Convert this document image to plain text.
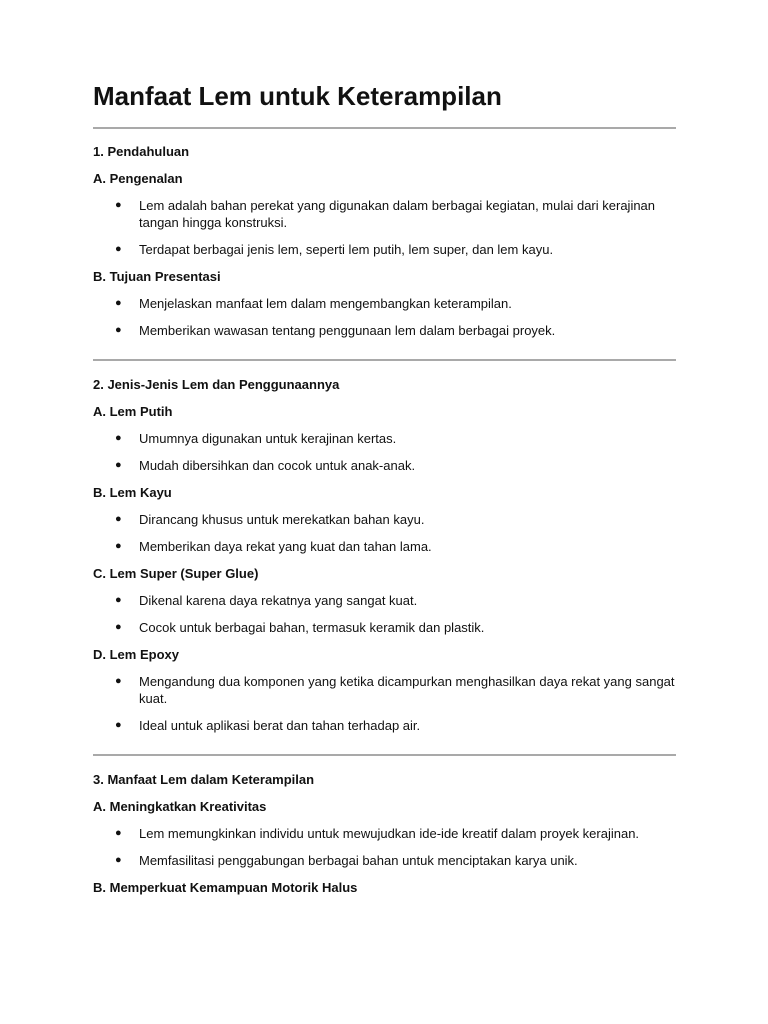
Manfaat Lem untuk Keterampilan
1. Pendahuluan
A. Pengenalan
● Lem adalah bahan perekat yang digunakan dalam berbagai kegiatan, mulai dari kerajinan tangan hingga konstruksi.
● Terdapat berbagai jenis lem, seperti lem putih, lem super, dan lem kayu.
B. Tujuan Presentasi
● Menjelaskan manfaat lem dalam mengembangkan keterampilan.
● Memberikan wawasan tentang penggunaan lem dalam berbagai proyek.
2. Jenis-Jenis Lem dan Penggunaannya
A. Lem Putih
● Umumnya digunakan untuk kerajinan kertas.
● Mudah dibersihkan dan cocok untuk anak-anak.
B. Lem Kayu
● Dirancang khusus untuk merekatkan bahan kayu.
● Memberikan daya rekat yang kuat dan tahan lama.
C. Lem Super (Super Glue)
● Dikenal karena daya rekatnya yang sangat kuat.
● Cocok untuk berbagai bahan, termasuk keramik dan plastik.
D. Lem Epoxy
● Mengandung dua komponen yang ketika dicampurkan menghasilkan daya rekat yang sangat kuat.
● Ideal untuk aplikasi berat dan tahan terhadap air.
3. Manfaat Lem dalam Keterampilan
A. Meningkatkan Kreativitas
● Lem memungkinkan individu untuk mewujudkan ide-ide kreatif dalam proyek kerajinan.
● Memfasilitasi penggabungan berbagai bahan untuk menciptakan karya unik.
B. Memperkuat Kemampuan Motorik Halus
